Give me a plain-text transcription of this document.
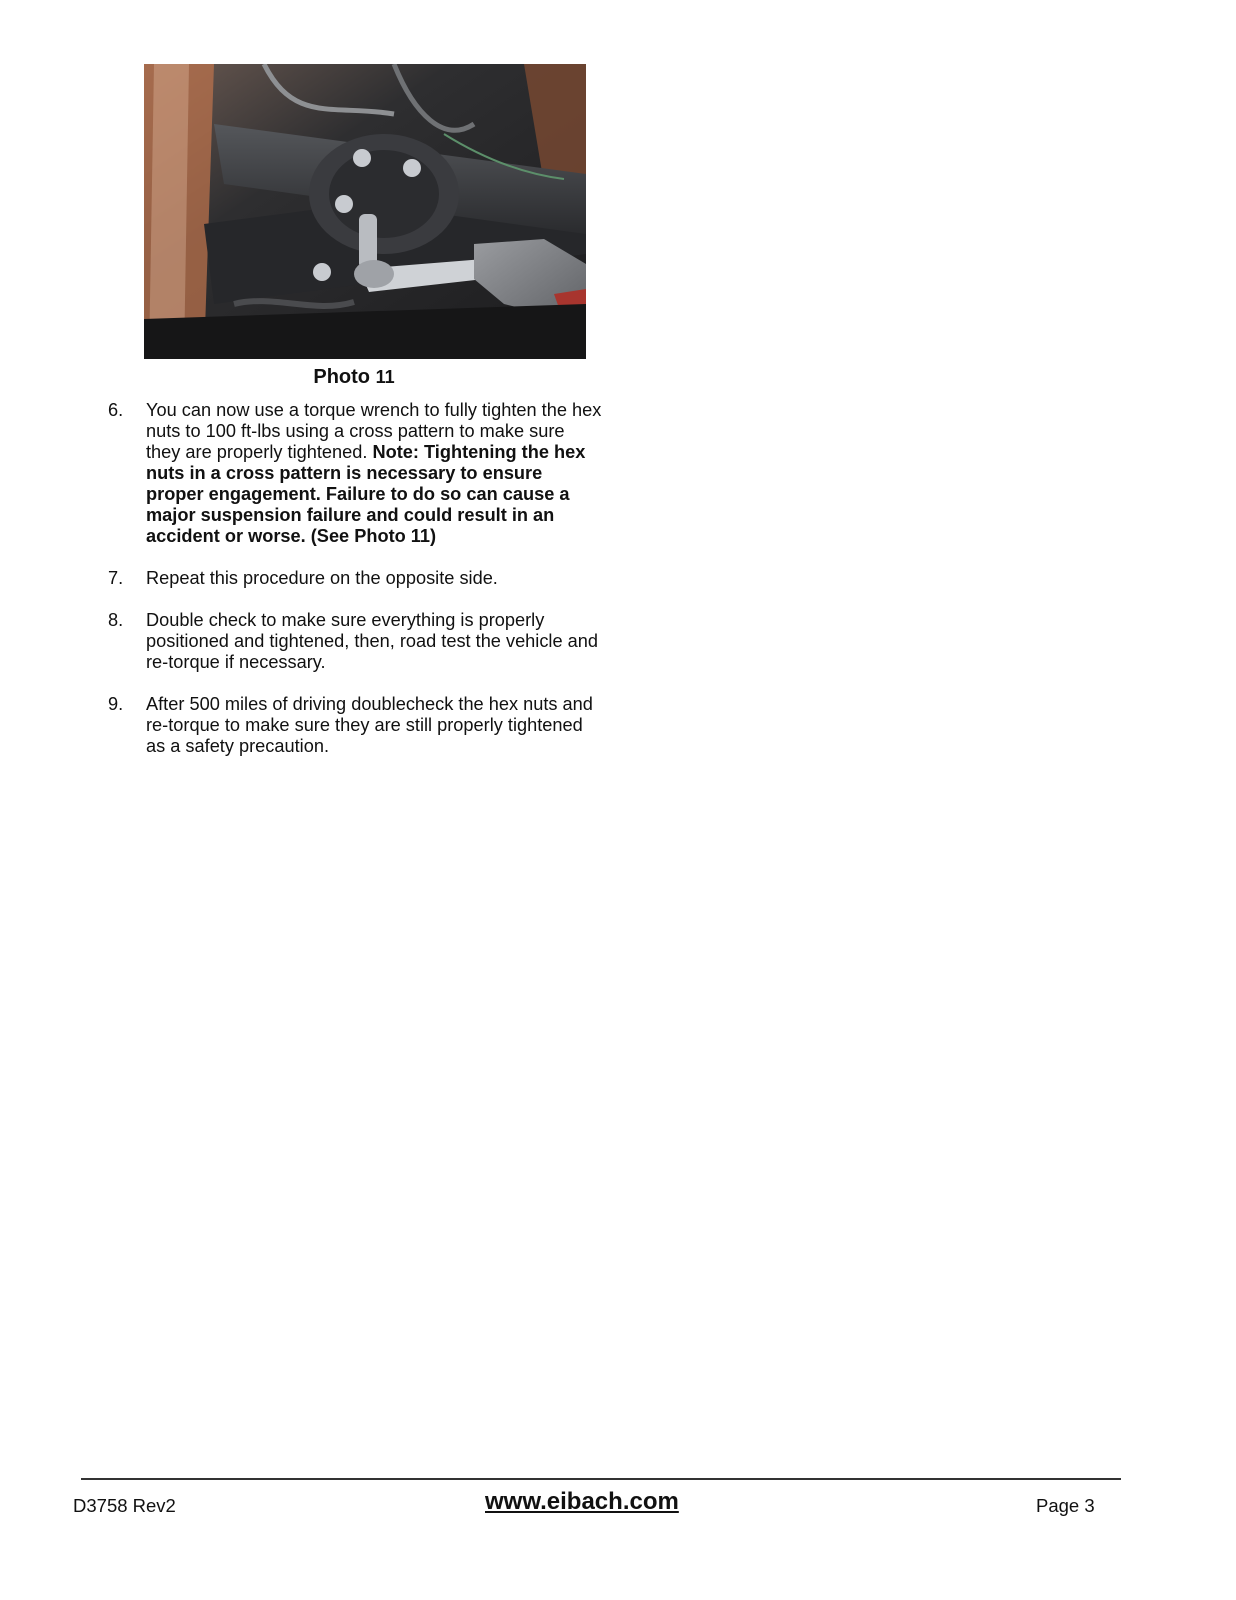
Photo 11
6.	You can now use a torque wrench to fully tighten the hex nuts to 100 ft-lbs using a cross pattern to make sure they are properly tightened. Note: Tightening the hex nuts in a cross pattern is necessary to ensure proper engagement. Failure to do so can cause a major suspension failure and could result in an accident or worse. (See Photo 11)
7.	Repeat this procedure on the opposite side.
8.	Double check to make sure everything is properly positioned and tightened, then, road test the vehicle and re-torque if necessary.
9.	After 500 miles of driving doublecheck the hex nuts and re-torque to make sure they are still properly tightened as a safety precaution.
D3758 Rev2	www.eibach.com	Page 3
